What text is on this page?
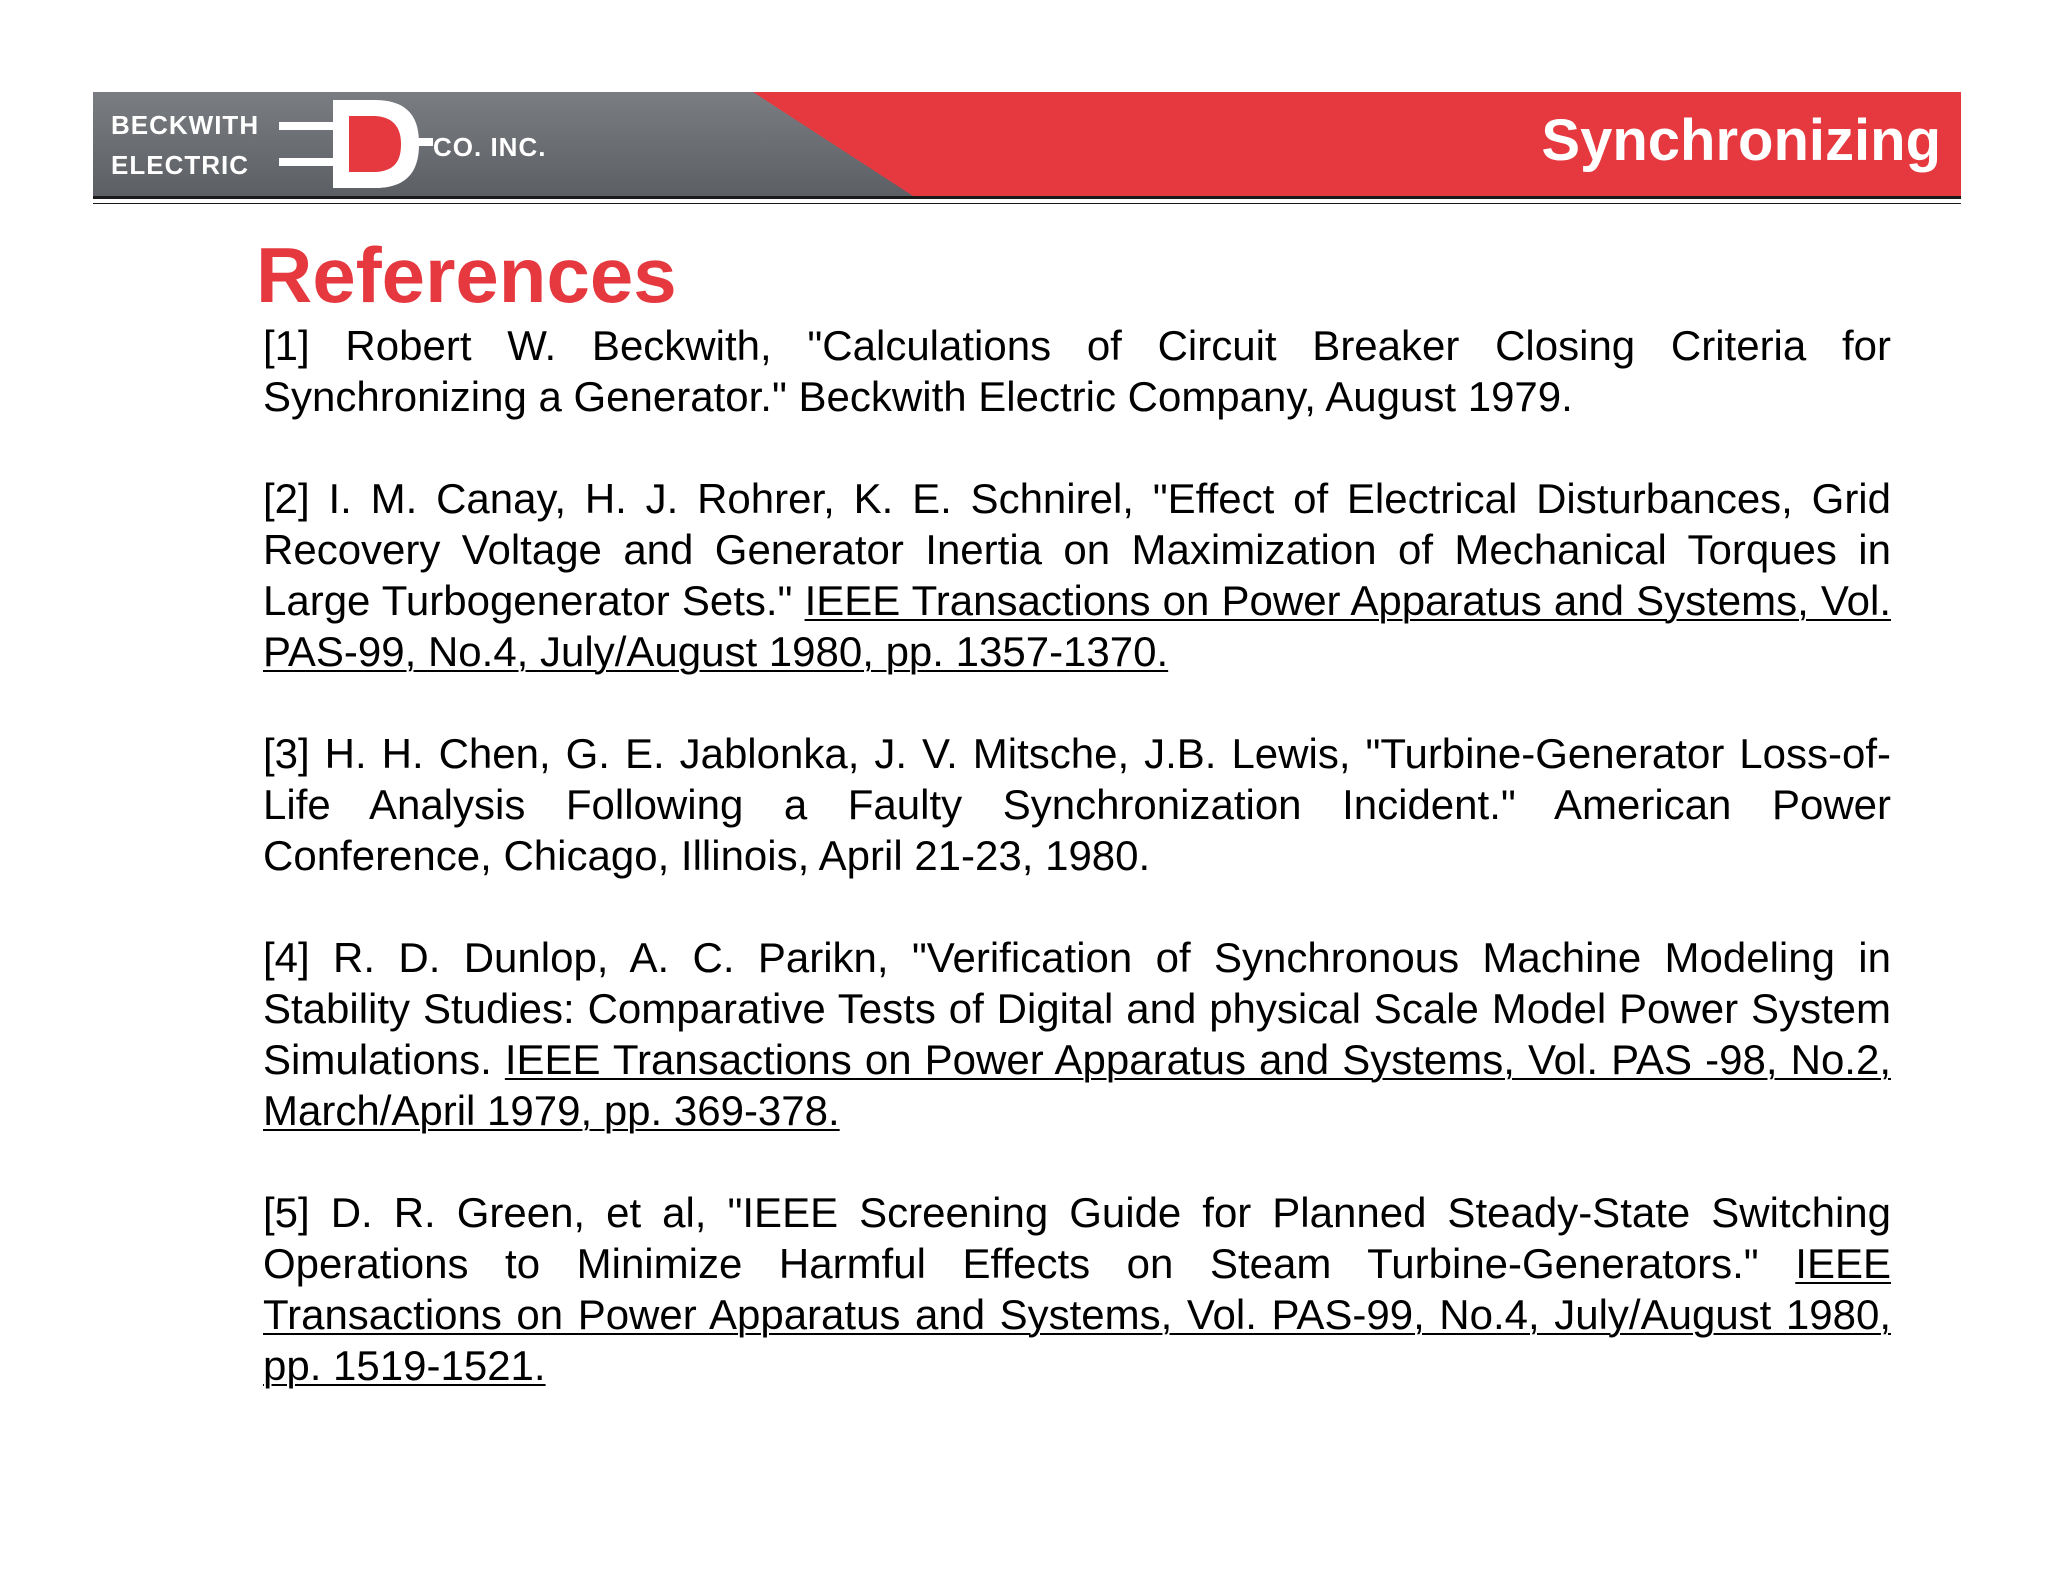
BECKWITH
ELECTRIC
CO. INC.	Synchronizing
References
[1] Robert W. Beckwith, "Calculations of Circuit Breaker Closing Criteria for Synchronizing a Generator." Beckwith Electric Company, August 1979.
[2] I. M. Canay, H. J. Rohrer, K. E. Schnirel, "Effect of Electrical Disturbances, Grid Recovery Voltage and Generator Inertia on Maximization of Mechanical Torques in Large Turbogenerator Sets." IEEE Transactions on Power Apparatus and Systems, Vol. PAS-99, No.4, July/August 1980, pp. 1357-1370.
[3] H. H. Chen, G. E. Jablonka, J. V. Mitsche, J.B. Lewis, "Turbine-Generator Loss-of-Life Analysis Following a Faulty Synchronization Incident." American Power Conference, Chicago, Illinois, April 21-23, 1980.
[4] R. D. Dunlop, A. C. Parikn, "Verification of Synchronous Machine Modeling in Stability Studies: Comparative Tests of Digital and physical Scale Model Power System Simulations. IEEE Transactions on Power Apparatus and Systems, Vol. PAS -98, No.2, March/April 1979, pp. 369-378.
[5] D. R. Green, et al, "IEEE Screening Guide for Planned Steady-State Switching Operations to Minimize Harmful Effects on Steam Turbine-Generators." IEEE Transactions on Power Apparatus and Systems, Vol. PAS-99, No.4, July/August 1980, pp. 1519-1521.
